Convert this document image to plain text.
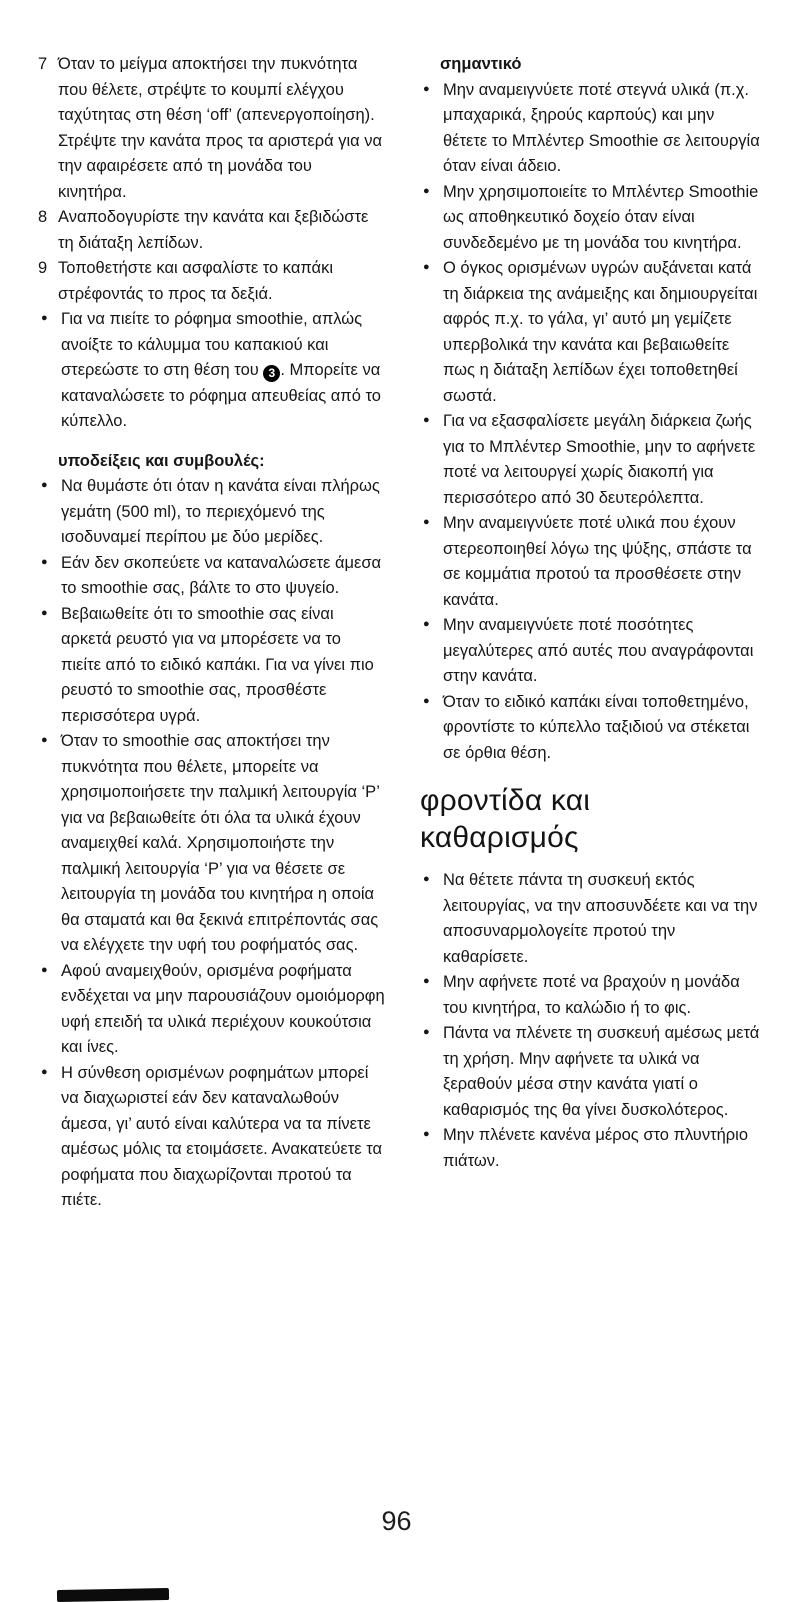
7 Όταν το μείγμα αποκτήσει την πυκνότητα που θέλετε, στρέψτε το κουμπί ελέγχου ταχύτητας στη θέση ‘off’ (απενεργοποίηση). Στρέψτε την κανάτα προς τα αριστερά για να την αφαιρέσετε από τη μονάδα του κινητήρα.
8 Αναποδογυρίστε την κανάτα και ξεβιδώστε τη διάταξη λεπίδων.
9 Τοποθετήστε και ασφαλίστε το καπάκι στρέφοντάς το προς τα δεξιά.
● Για να πιείτε το ρόφημα smoothie, απλώς ανοίξτε το κάλυμμα του καπακιού και στερεώστε το στη θέση του 3 . Μπορείτε να καταναλώσετε το ρόφημα απευθείας από το κύπελλο.
υποδείξεις και συμβουλές:
● Να θυμάστε ότι όταν η κανάτα είναι πλήρως γεμάτη (500 ml), το περιεχόμενό της ισοδυναμεί περίπου με δύο μερίδες.
● Εάν δεν σκοπεύετε να καταναλώσετε άμεσα το smoothie σας, βάλτε το στο ψυγείο.
● Βεβαιωθείτε ότι το smoothie σας είναι αρκετά ρευστό για να μπορέσετε να το πιείτε από το ειδικό καπάκι. Για να γίνει πιο ρευστό το smoothie σας, προσθέστε περισσότερα υγρά.
● Όταν το smoothie σας αποκτήσει την πυκνότητα που θέλετε, μπορείτε να χρησιμοποιήσετε την παλμική λειτουργία ‘P’ για να βεβαιωθείτε ότι όλα τα υλικά έχουν αναμειχθεί καλά. Χρησιμοποιήστε την παλμική λειτουργία ‘P’ για να θέσετε σε λειτουργία τη μονάδα του κινητήρα η οποία θα σταματά και θα ξεκινά επιτρέποντάς σας να ελέγχετε την υφή του ροφήματός σας.
● Αφού αναμειχθούν, ορισμένα ροφήματα ενδέχεται να μην παρουσιάζουν ομοιόμορφη υφή επειδή τα υλικά περιέχουν κουκούτσια και ίνες.
● Η σύνθεση ορισμένων ροφημάτων μπορεί να διαχωριστεί εάν δεν καταναλωθούν άμεσα, γι’ αυτό είναι καλύτερα να τα πίνετε αμέσως μόλις τα ετοιμάσετε. Ανακατεύετε τα ροφήματα που διαχωρίζονται προτού τα πιέτε.
σημαντικό
● Μην αναμειγνύετε ποτέ στεγνά υλικά (π.χ. μπαχαρικά, ξηρούς καρπούς) και μην θέτετε το Μπλέντερ Smoothie σε λειτουργία όταν είναι άδειο.
● Μην χρησιμοποιείτε το Μπλέντερ Smoothie ως αποθηκευτικό δοχείο όταν είναι συνδεδεμένο με τη μονάδα του κινητήρα.
● Ο όγκος ορισμένων υγρών αυξάνεται κατά τη διάρκεια της ανάμειξης και δημιουργείται αφρός π.χ. το γάλα, γι’ αυτό μη γεμίζετε υπερβολικά την κανάτα και βεβαιωθείτε πως η διάταξη λεπίδων έχει τοποθετηθεί σωστά.
● Για να εξασφαλίσετε μεγάλη διάρκεια ζωής για το Μπλέντερ Smoothie, μην το αφήνετε ποτέ να λειτουργεί χωρίς διακοπή για περισσότερο από 30 δευτερόλεπτα.
● Μην αναμειγνύετε ποτέ υλικά που έχουν στερεοποιηθεί λόγω της ψύξης, σπάστε τα σε κομμάτια προτού τα προσθέσετε στην κανάτα.
● Μην αναμειγνύετε ποτέ ποσότητες μεγαλύτερες από αυτές που αναγράφονται στην κανάτα.
● Όταν το ειδικό καπάκι είναι τοποθετημένο, φροντίστε το κύπελλο ταξιδιού να στέκεται σε όρθια θέση.
φροντίδα και καθαρισμός
● Να θέτετε πάντα τη συσκευή εκτός λειτουργίας, να την αποσυνδέετε και να την αποσυναρμολογείτε προτού την καθαρίσετε.
● Μην αφήνετε ποτέ να βραχούν η μονάδα του κινητήρα, το καλώδιο ή το φις.
● Πάντα να πλένετε τη συσκευή αμέσως μετά τη χρήση. Μην αφήνετε τα υλικά να ξεραθούν μέσα στην κανάτα γιατί ο καθαρισμός της θα γίνει δυσκολότερος.
● Μην πλένετε κανένα μέρος στο πλυντήριο πιάτων.
96
